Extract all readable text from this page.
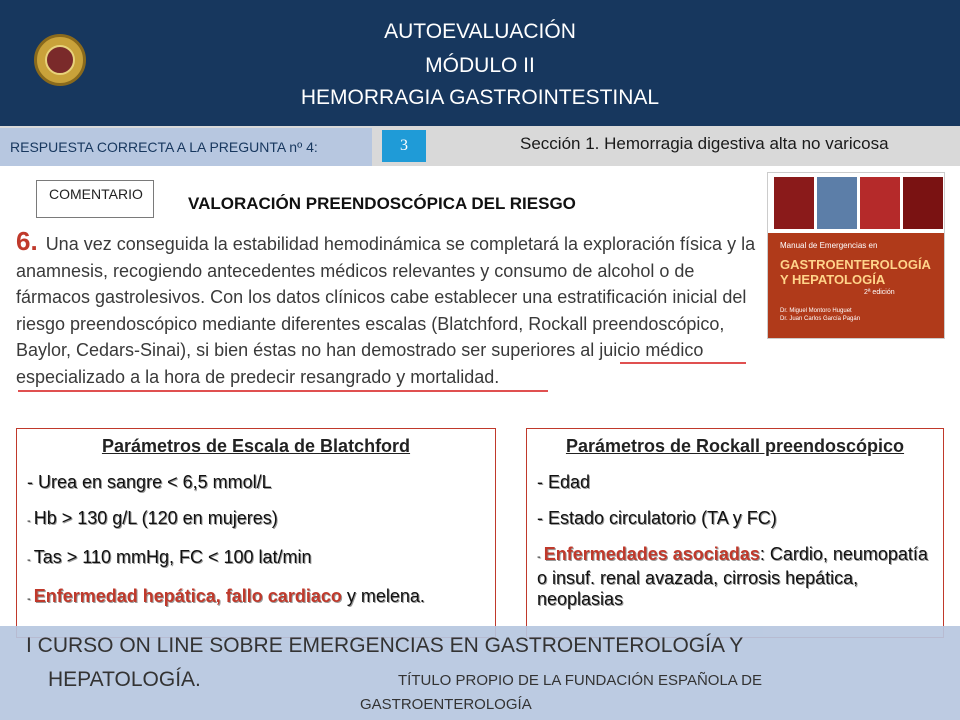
AUTOEVALUACIÓN
MÓDULO II
HEMORRAGIA GASTROINTESTINAL
RESPUESTA CORRECTA A LA PREGUNTA nº 4:	3	Sección 1. Hemorragia digestiva alta no varicosa
COMENTARIO	VALORACIÓN PREENDOSCÓPICA DEL RIESGO
Manual de Emergencias en
GASTROENTEROLOGÍA Y HEPATOLOGÍA
2ª edición
Dr. Miguel Montoro Huguet
Dr. Juan Carlos García Pagán
6. Una vez conseguida la estabilidad hemodinámica se completará la exploración física y la anamnesis, recogiendo antecedentes médicos relevantes y consumo de alcohol o de fármacos gastrolesivos. Con los datos clínicos cabe establecer una estratificación inicial del riesgo preendoscópico mediante diferentes escalas (Blatchford, Rockall preendoscópico, Baylor, Cedars-Sinai), si bien éstas no han demostrado ser superiores al juicio médico especializado a la hora de predecir resangrado y mortalidad.
Parámetros de Escala de Blatchford
- Urea en sangre < 6,5 mmol/L
- Hb > 130 g/L (120 en mujeres)
- Tas > 110 mmHg, FC < 100 lat/min
- Enfermedad hepática, fallo cardiaco y melena.
Parámetros de Rockall preendoscópico
- Edad
- Estado circulatorio (TA y FC)
- Enfermedades asociadas: Cardio, neumopatía o insuf. renal avazada, cirrosis hepática, neoplasias
I CURSO ON LINE SOBRE EMERGENCIAS EN GASTROENTEROLOGÍA Y
HEPATOLOGÍA.	TÍTULO PROPIO DE LA FUNDACIÓN ESPAÑOLA DE
GASTROENTEROLOGÍA
